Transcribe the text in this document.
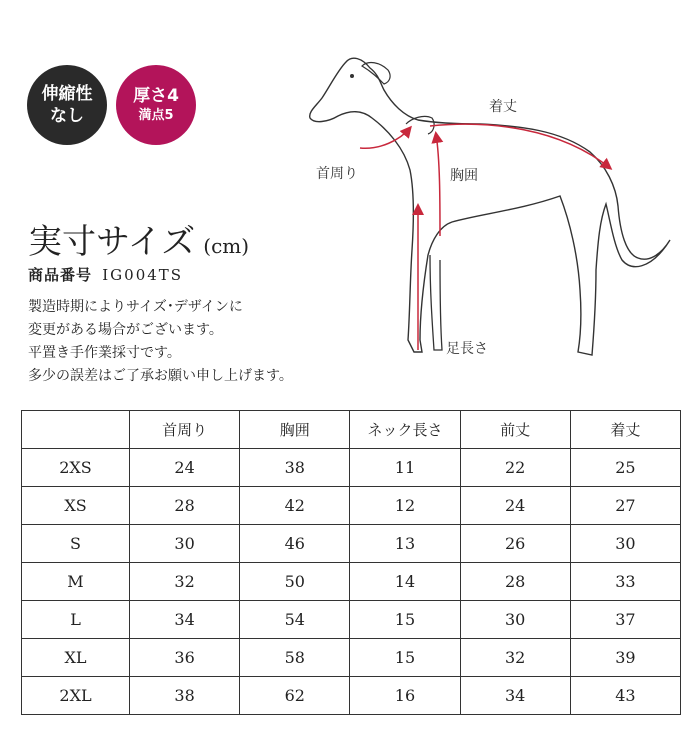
伸縮性
なし
厚さ4
満点5
実寸サイズ (cm)
商品番号 IG004TS
製造時期によりサイズ･デザインに
変更がある場合がございます。
平置き手作業採寸です。
多少の誤差はご了承お願い申し上げます。
着丈
首周り	胸囲
足長さ
	首周り	胸囲	ネック長さ	前丈	着丈
2XS	24	38	11	22	25
XS	28	42	12	24	27
S	30	46	13	26	30
M	32	50	14	28	33
L	34	54	15	30	37
XL	36	58	15	32	39
2XL	38	62	16	34	43
